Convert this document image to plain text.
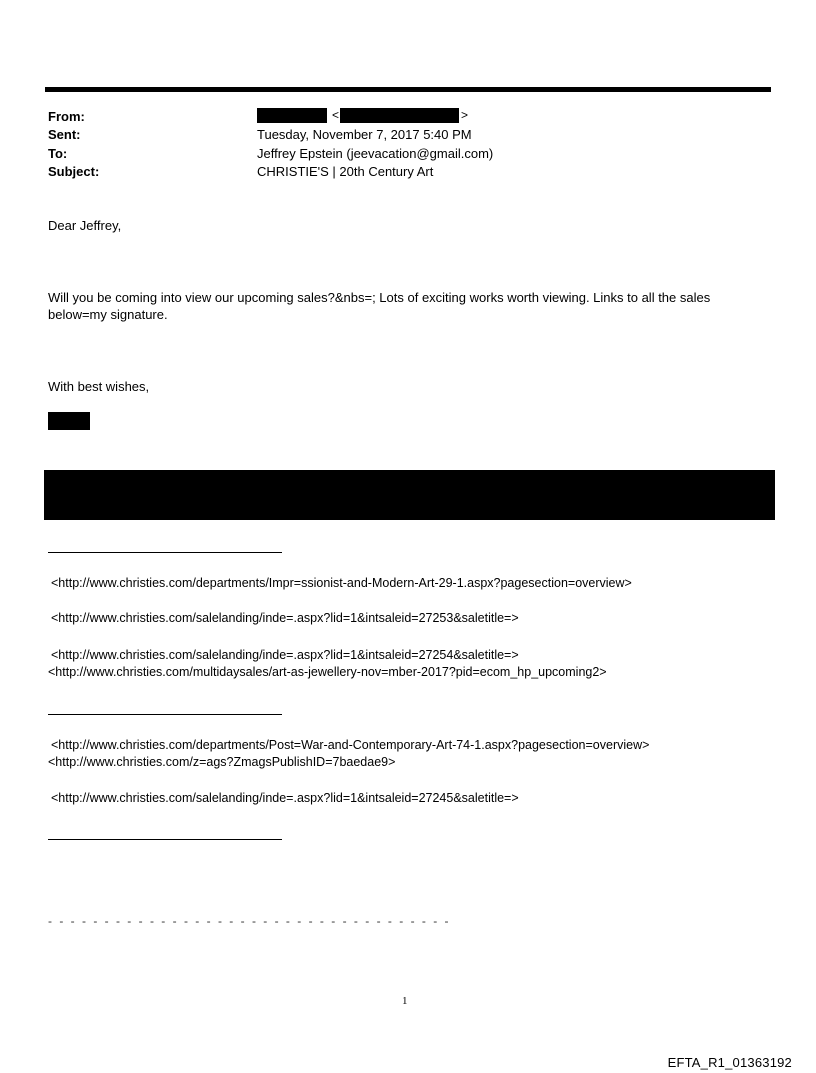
From:	<	>
Sent:	Tuesday, November 7, 2017 5:40 PM
To:	Jeffrey Epstein (jeevacation@gmail.com)
Subject:	CHRISTIE'S | 20th Century Art
Dear Jeffrey,
Will you be coming into view our upcoming sales?&nbs=; Lots of exciting works worth viewing. Links to all the sales below=my signature.
With best wishes,
<http://www.christies.com/departments/Impr=ssionist-and-Modern-Art-29-1.aspx?pagesection=overview>
<http://www.christies.com/salelanding/inde=.aspx?lid=1&intsaleid=27253&saletitle=>
<http://www.christies.com/salelanding/inde=.aspx?lid=1&intsaleid=27254&saletitle=>
<http://www.christies.com/multidaysales/art-as-jewellery-nov=mber-2017?pid=ecom_hp_upcoming2>
<http://www.christies.com/departments/Post=War-and-Contemporary-Art-74-1.aspx?pagesection=overview>
<http://www.christies.com/z=ags?ZmagsPublishID=7baedae9>
<http://www.christies.com/salelanding/inde=.aspx?lid=1&intsaleid=27245&saletitle=>
- - - - - - - - - - - - - - - - - - - - - - - - - - - - - - - - - - - -
1
EFTA_R1_01363192
